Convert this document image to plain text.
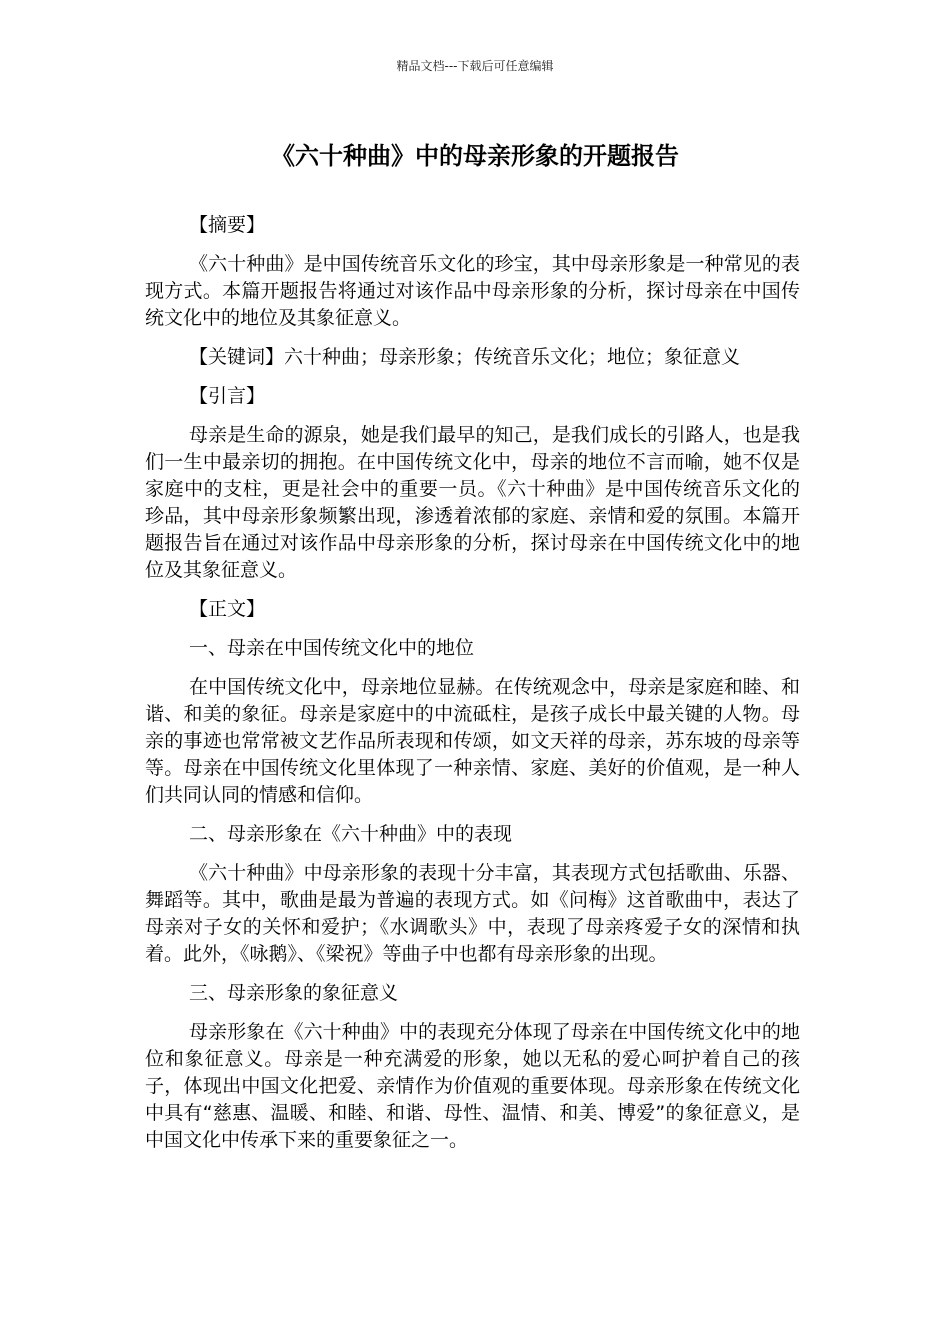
精品文档---下载后可任意编辑
《六十种曲》中的母亲形象的开题报告

【摘要】

《六十种曲》是中国传统音乐文化的珍宝，其中母亲形象是一种常见的表现方式。本篇开题报告将通过对该作品中母亲形象的分析，探讨母亲在中国传统文化中的地位及其象征意义。

【关键词】六十种曲；母亲形象；传统音乐文化；地位；象征意义

【引言】

母亲是生命的源泉，她是我们最早的知己，是我们成长的引路人，也是我们一生中最亲切的拥抱。在中国传统文化中，母亲的地位不言而喻，她不仅是家庭中的支柱，更是社会中的重要一员。《六十种曲》是中国传统音乐文化的珍品，其中母亲形象频繁出现，渗透着浓郁的家庭、亲情和爱的氛围。本篇开题报告旨在通过对该作品中母亲形象的分析，探讨母亲在中国传统文化中的地位及其象征意义。

【正文】

一、母亲在中国传统文化中的地位

在中国传统文化中，母亲地位显赫。在传统观念中，母亲是家庭和睦、和谐、和美的象征。母亲是家庭中的中流砥柱，是孩子成长中最关键的人物。母亲的事迹也常常被文艺作品所表现和传颂，如文天祥的母亲，苏东坡的母亲等等。母亲在中国传统文化里体现了一种亲情、家庭、美好的价值观，是一种人们共同认同的情感和信仰。

二、母亲形象在《六十种曲》中的表现

《六十种曲》中母亲形象的表现十分丰富，其表现方式包括歌曲、乐器、舞蹈等。其中，歌曲是最为普遍的表现方式。如《问梅》这首歌曲中，表达了母亲对子女的关怀和爱护；《水调歌头》中，表现了母亲疼爱子女的深情和执着。此外，《咏鹅》、《梁祝》等曲子中也都有母亲形象的出现。

三、母亲形象的象征意义

母亲形象在《六十种曲》中的表现充分体现了母亲在中国传统文化中的地位和象征意义。母亲是一种充满爱的形象，她以无私的爱心呵护着自己的孩子，体现出中国文化把爱、亲情作为价值观的重要体现。母亲形象在传统文化中具有“慈惠、温暖、和睦、和谐、母性、温情、和美、博爱”的象征意义，是中国文化中传承下来的重要象征之一。
